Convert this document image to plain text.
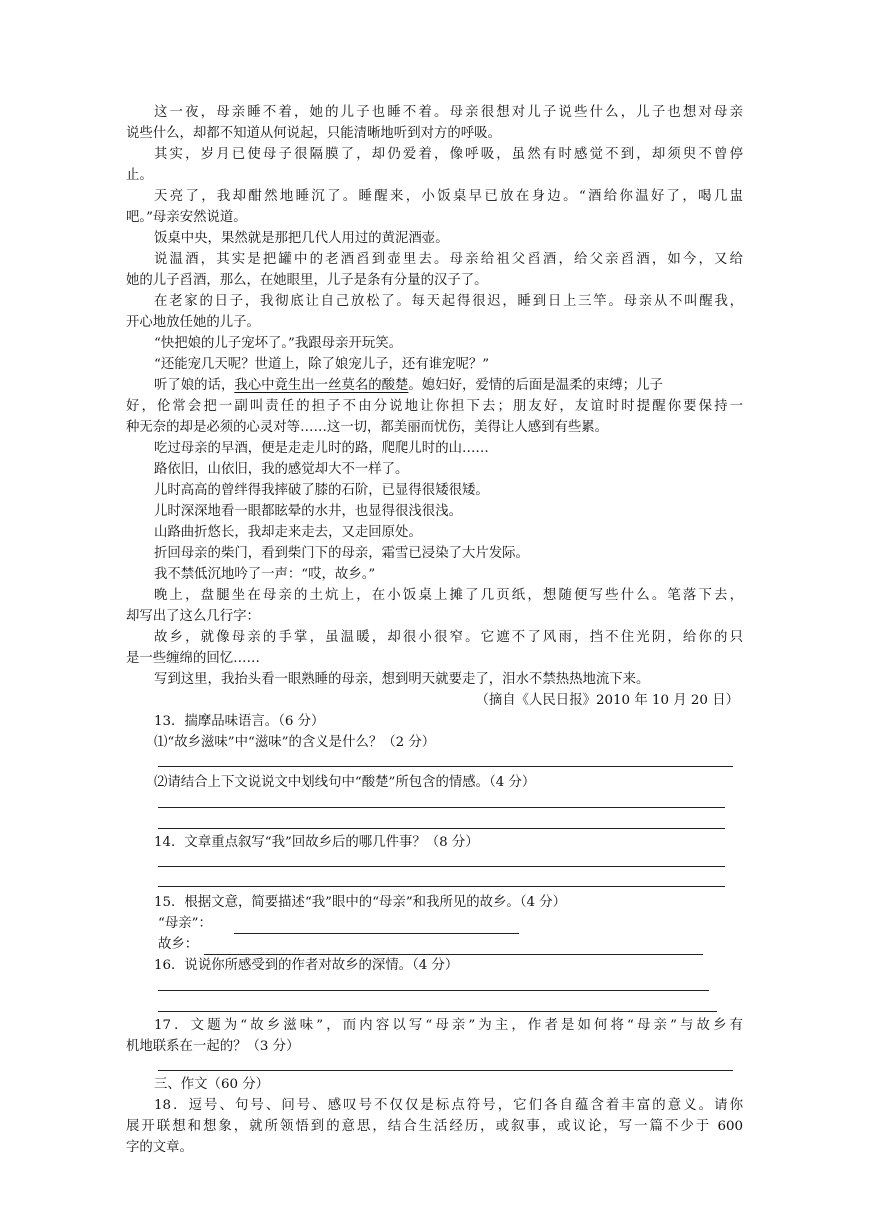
这一夜，母亲睡不着，她的儿子也睡不着。母亲很想对儿子说些什么，儿子也想对母亲
说些什么，却都不知道从何说起，只能清晰地听到对方的呼吸。
其实，岁月已使母子很隔膜了，却仍爱着，像呼吸，虽然有时感觉不到，却须臾不曾停
止。
天亮了，我却酣然地睡沉了。睡醒来，小饭桌早已放在身边。“酒给你温好了，喝几盅
吧。”母亲安然说道。
饭桌中央，果然就是那把几代人用过的黄泥酒壶。
说温酒，其实是把罐中的老酒舀到壶里去。母亲给祖父舀酒，给父亲舀酒，如今，又给
她的儿子舀酒，那么，在她眼里，儿子是条有分量的汉子了。
在老家的日子，我彻底让自己放松了。每天起得很迟，睡到日上三竿。母亲从不叫醒我，
开心地放任她的儿子。
“快把娘的儿子宠坏了。”我跟母亲开玩笑。
“还能宠几天呢？世道上，除了娘宠儿子，还有谁宠呢？”
听了娘的话， 我心中竟生出一丝莫名的酸楚 。媳妇好，爱情的后面是温柔的束缚；儿子
好，伦常会把一副叫责任的担子不由分说地让你担下去；朋友好，友谊时时提醒你要保持一
种无奈的却是必须的心灵对等……这一切，都美丽而忧伤，美得让人感到有些累。
吃过母亲的早酒，便是走走儿时的路，爬爬儿时的山……
路依旧，山依旧，我的感觉却大不一样了。
儿时高高的曾绊得我摔破了膝的石阶，已显得很矮很矮。
儿时深深地看一眼都眩晕的水井，也显得很浅很浅。
山路曲折悠长，我却走来走去，又走回原处。
折回母亲的柴门，看到柴门下的母亲，霜雪已浸染了大片发际。
我不禁低沉地吟了一声：“哎，故乡。”
晚上，盘腿坐在母亲的土炕上，在小饭桌上摊了几页纸，想随便写些什么。笔落下去，
却写出了这么几行字：
故乡，就像母亲的手掌，虽温暖，却很小很窄。它遮不了风雨，挡不住光阴，给你的只
是一些缠绵的回忆……
写到这里，我抬头看一眼熟睡的母亲，想到明天就要走了，泪水不禁热热地流下来。
（摘自《人民日报》2010 年 10 月 20 日）
13．揣摩品味语言。（6 分）
⑴“故乡滋味”中“滋味”的含义是什么？（2 分）
⑵请结合上下文说说文中划线句中“酸楚”所包含的情感。（4 分）
14．文章重点叙写“我”回故乡后的哪几件事？（8 分）
15．根据文意，简要描述“我”眼中的“母亲”和我所见的故乡。（4 分）
“母亲”：
故乡：
16．说说你所感受到的作者对故乡的深情。（4 分）
17．文题为“故乡滋味”，而内容以写“母亲”为主，作者是如何将“母亲”与故乡有
机地联系在一起的？（3 分）
三、作文（60 分）
18．逗号、句号、问号、感叹号不仅仅是标点符号，它们各自蕴含着丰富的意义。请你
展开联想和想象，就所领悟到的意思，结合生活经历，或叙事，或议论，写一篇不少于 600
字的文章。
